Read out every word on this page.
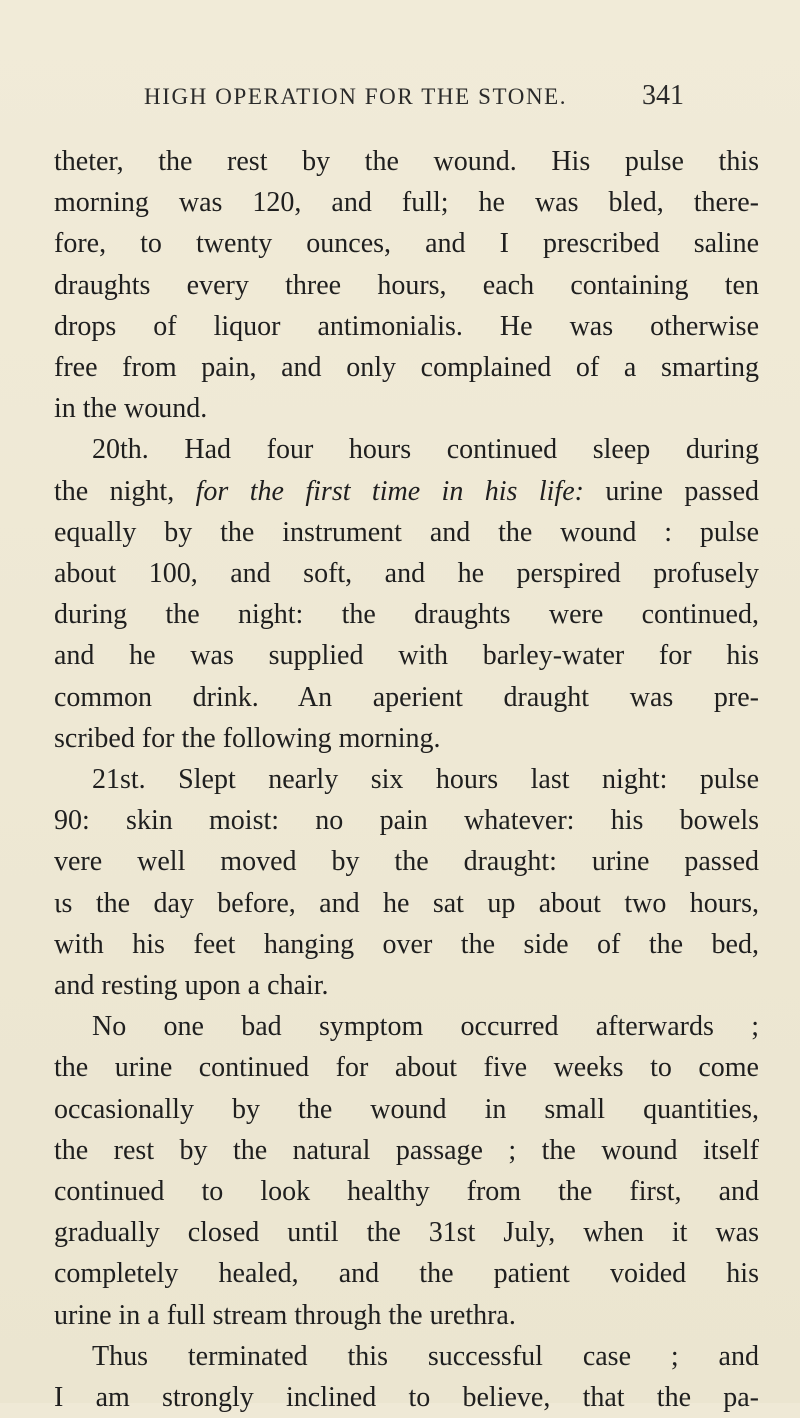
HIGH OPERATION FOR THE STONE.	341
theter, the rest by the wound. His pulse this
morning was 120, and full; he was bled, there-
fore, to twenty ounces, and I prescribed saline
draughts every three hours, each containing ten
drops of liquor antimonialis. He was otherwise
free from pain, and only complained of a smarting
in the wound.
20th. Had four hours continued sleep during
the night, for the first time in his life: urine passed
equally by the instrument and the wound : pulse
about 100, and soft, and he perspired profusely
during the night: the draughts were continued,
and he was supplied with barley-water for his
common drink. An aperient draught was pre-
scribed for the following morning.
21st. Slept nearly six hours last night: pulse
90: skin moist: no pain whatever: his bowels
vere well moved by the draught: urine passed
ιs the day before, and he sat up about two hours,
with his feet hanging over the side of the bed,
and resting upon a chair.
No one bad symptom occurred afterwards ;
the urine continued for about five weeks to come
occasionally by the wound in small quantities,
the rest by the natural passage ; the wound itself
continued to look healthy from the first, and
gradually closed until the 31st July, when it was
completely healed, and the patient voided his
urine in a full stream through the urethra.
Thus terminated this successful case ; and
I am strongly inclined to believe, that the pa-
